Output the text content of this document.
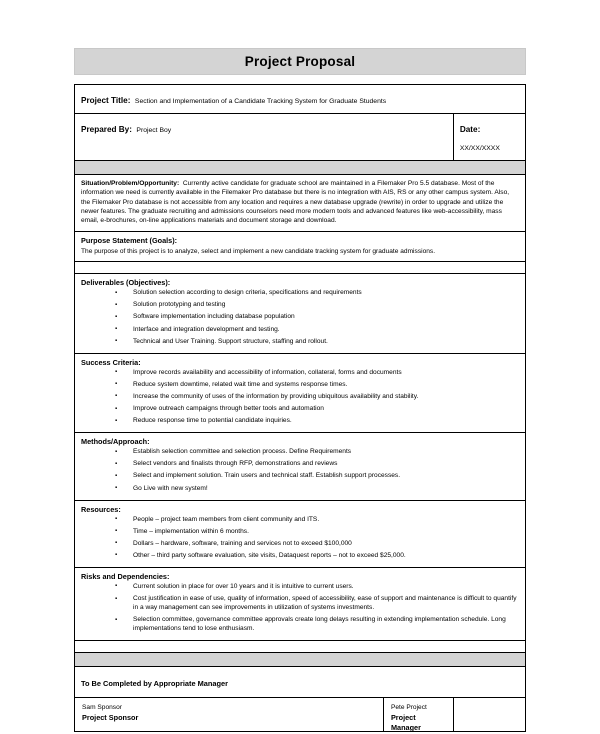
Project Proposal
Project Title: Section and Implementation of a Candidate Tracking System for Graduate Students		

Prepared By: Project Boy		Date: XX/XX/XXXX

Situation/Problem/Opportunity: Currently active candidate for graduate school are maintained in a Filemaker Pro 5.5 database. Most of the information we need is currently available in the Filemaker Pro database but there is no integration with AIS, RS or any other campus system. Also, the Filemaker Pro database is not accessible from any location and requires a new database upgrade (rewrite) in order to upgrade and utilize the newer features. The graduate recruiting and admissions counselors need more modern tools and advanced features like web-accessibility, mass email, e-brochures, on-line applications materials and document storage and download.		

Purpose Statement (Goals):
The purpose of this project is to analyze, select and implement a new candidate tracking system for graduate admissions.		

Deliverables (Objectives):
▪ Solution selection according to design criteria, specifications and requirements
▪ Solution prototyping and testing
▪ Software implementation including database population
▪ Interface and integration development and testing.
▪ Technical and User Training. Support structure, staffing and rollout.

Success Criteria:
▪ Improve records availability and accessibility of information, collateral, forms and documents
▪ Reduce system downtime, related wait time and systems response times.
▪ Increase the community of uses of the information by providing ubiquitous availability and stability.
▪ Improve outreach campaigns through better tools and automation
▪ Reduce response time to potential candidate inquiries.

Methods/Approach:
▪ Establish selection committee and selection process. Define Requirements
▪ Select vendors and finalists through RFP, demonstrations and reviews
▪ Select and implement solution. Train users and technical staff. Establish support processes.
▪ Go Live with new system!

Resources:
▪ People – project team members from client community and ITS.
▪ Time – implementation within 6 months.
▪ Dollars – hardware, software, training and services not to exceed $100,000
▪ Other – third party software evaluation, site visits, Dataquest reports – not to exceed $25,000.

Risks and Dependencies:
▪ Current solution in place for over 10 years and it is intuitive to current users.
▪ Cost justification in ease of use, quality of information, speed of accessibility, ease of support and maintenance is difficult to quantify in a way management can see improvements in utilization of systems investments.
▪ Selection committee, governance committee approvals create long delays resulting in extending implementation schedule. Long implementations tend to lose enthusiasm.

To Be Completed by Appropriate Manager		

Sam Sponsor
Project Sponsor

Pete Project
Project Manager
